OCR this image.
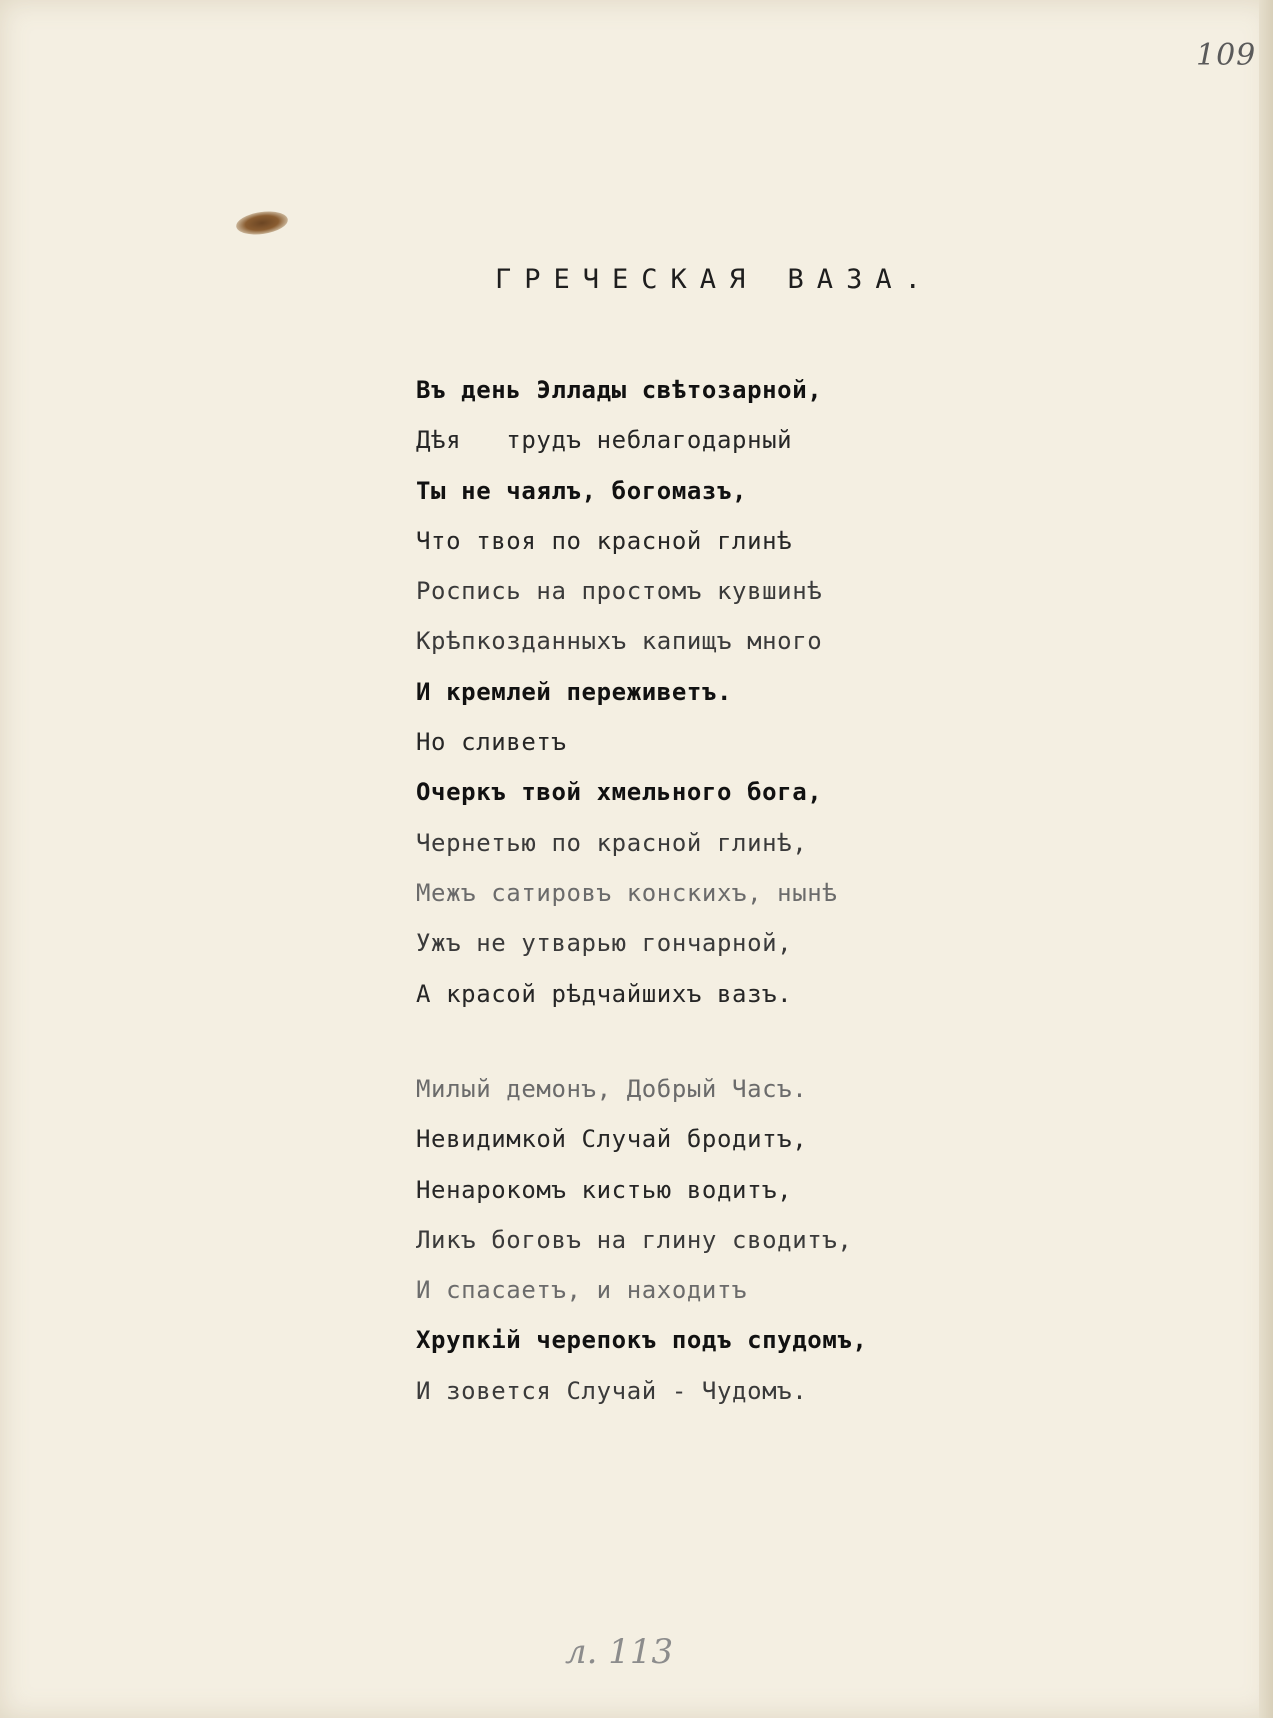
109
ГРЕЧЕСКАЯ ВАЗА.
Въ день Эллады свѣтозарной,
Дѣя   трудъ неблагодарный
Ты не чаялъ, богомазъ,
Что твоя по красной глинѣ
Роспись на простомъ кувшинѣ
Крѣпкозданныхъ капищъ много
И кремлей переживетъ.
Но сливетъ
Очеркъ твой хмельного бога,
Чернетью по красной глинѣ,
Межъ сатировъ конскихъ, нынѣ
Ужъ не утварью гончарной,
А красой рѣдчайшихъ вазъ.
Милый демонъ, Добрый Часъ.
Невидимкой Случай бродитъ,
Ненарокомъ кистью водитъ,
Ликъ боговъ на глину сводитъ,
И спасаетъ, и находитъ
Хрупкій черепокъ подъ спудомъ,
И зовется Случай - Чудомъ.
л. 113
